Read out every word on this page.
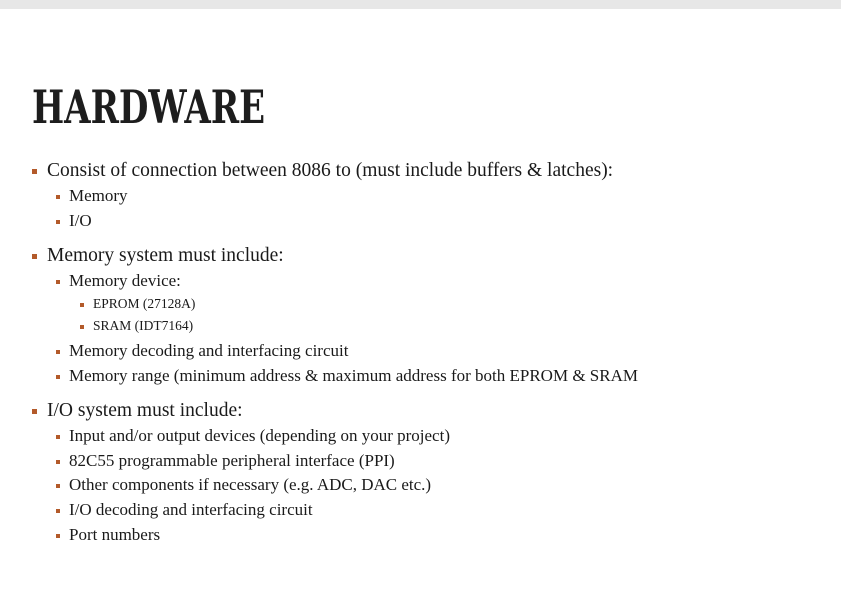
HARDWARE
Consist of connection between 8086 to (must include buffers & latches):
Memory
I/O
Memory system must include:
Memory device:
EPROM (27128A)
SRAM (IDT7164)
Memory decoding and interfacing circuit
Memory range (minimum address & maximum address for both EPROM & SRAM
I/O system must include:
Input and/or output devices (depending on your project)
82C55 programmable peripheral interface (PPI)
Other components if necessary (e.g. ADC, DAC etc.)
I/O decoding and interfacing circuit
Port numbers
